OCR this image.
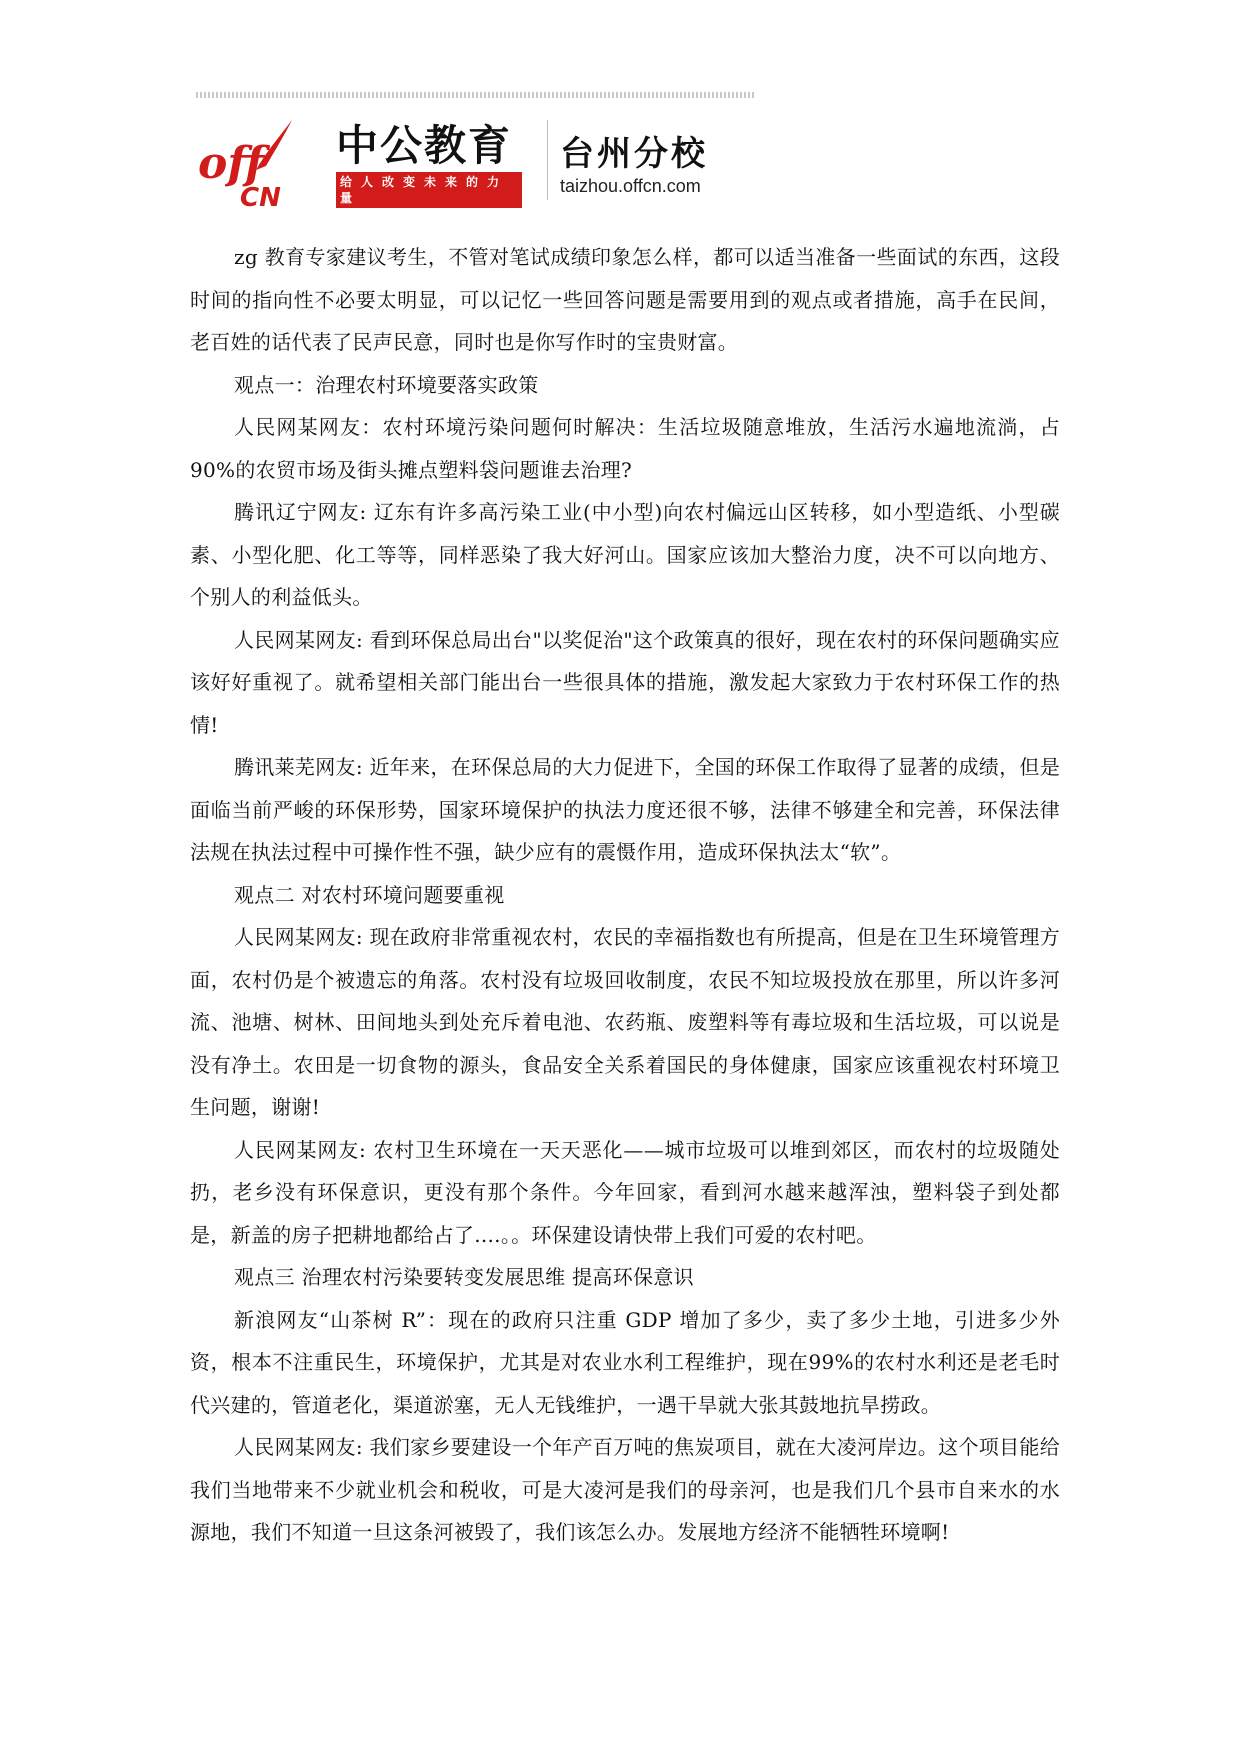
off
CN
中公教育
给人改变未来的力量
台州分校
taizhou.offcn.com

zg 教育专家建议考生，不管对笔试成绩印象怎么样，都可以适当准备一些面试的东西，这段时间的指向性不必要太明显，可以记忆一些回答问题是需要用到的观点或者措施，高手在民间，老百姓的话代表了民声民意，同时也是你写作时的宝贵财富。

观点一：治理农村环境要落实政策

人民网某网友：农村环境污染问题何时解决：生活垃圾随意堆放，生活污水遍地流淌，占90%的农贸市场及街头摊点塑料袋问题谁去治理?

腾讯辽宁网友: 辽东有许多高污染工业(中小型)向农村偏远山区转移，如小型造纸、小型碳素、小型化肥、化工等等，同样恶染了我大好河山。国家应该加大整治力度，决不可以向地方、个别人的利益低头。

人民网某网友: 看到环保总局出台"以奖促治"这个政策真的很好，现在农村的环保问题确实应该好好重视了。就希望相关部门能出台一些很具体的措施，激发起大家致力于农村环保工作的热情!

腾讯莱芜网友: 近年来，在环保总局的大力促进下，全国的环保工作取得了显著的成绩，但是面临当前严峻的环保形势，国家环境保护的执法力度还很不够，法律不够建全和完善，环保法律法规在执法过程中可操作性不强，缺少应有的震慑作用，造成环保执法太“软”。

观点二 对农村环境问题要重视

人民网某网友: 现在政府非常重视农村，农民的幸福指数也有所提高，但是在卫生环境管理方面，农村仍是个被遗忘的角落。农村没有垃圾回收制度，农民不知垃圾投放在那里，所以许多河流、池塘、树林、田间地头到处充斥着电池、农药瓶、废塑料等有毒垃圾和生活垃圾，可以说是没有净土。农田是一切食物的源头，食品安全关系着国民的身体健康，国家应该重视农村环境卫生问题，谢谢!

人民网某网友: 农村卫生环境在一天天恶化——城市垃圾可以堆到郊区，而农村的垃圾随处扔，老乡没有环保意识，更没有那个条件。今年回家，看到河水越来越浑浊，塑料袋子到处都是，新盖的房子把耕地都给占了....。。环保建设请快带上我们可爱的农村吧。

观点三 治理农村污染要转变发展思维 提高环保意识

新浪网友“山茶树 R”：现在的政府只注重 GDP 增加了多少，卖了多少土地，引进多少外资，根本不注重民生，环境保护，尤其是对农业水利工程维护，现在99%的农村水利还是老毛时代兴建的，管道老化，渠道淤塞，无人无钱维护，一遇干旱就大张其鼓地抗旱捞政。

人民网某网友: 我们家乡要建设一个年产百万吨的焦炭项目，就在大凌河岸边。这个项目能给我们当地带来不少就业机会和税收，可是大凌河是我们的母亲河，也是我们几个县市自来水的水源地，我们不知道一旦这条河被毁了，我们该怎么办。发展地方经济不能牺牲环境啊!
